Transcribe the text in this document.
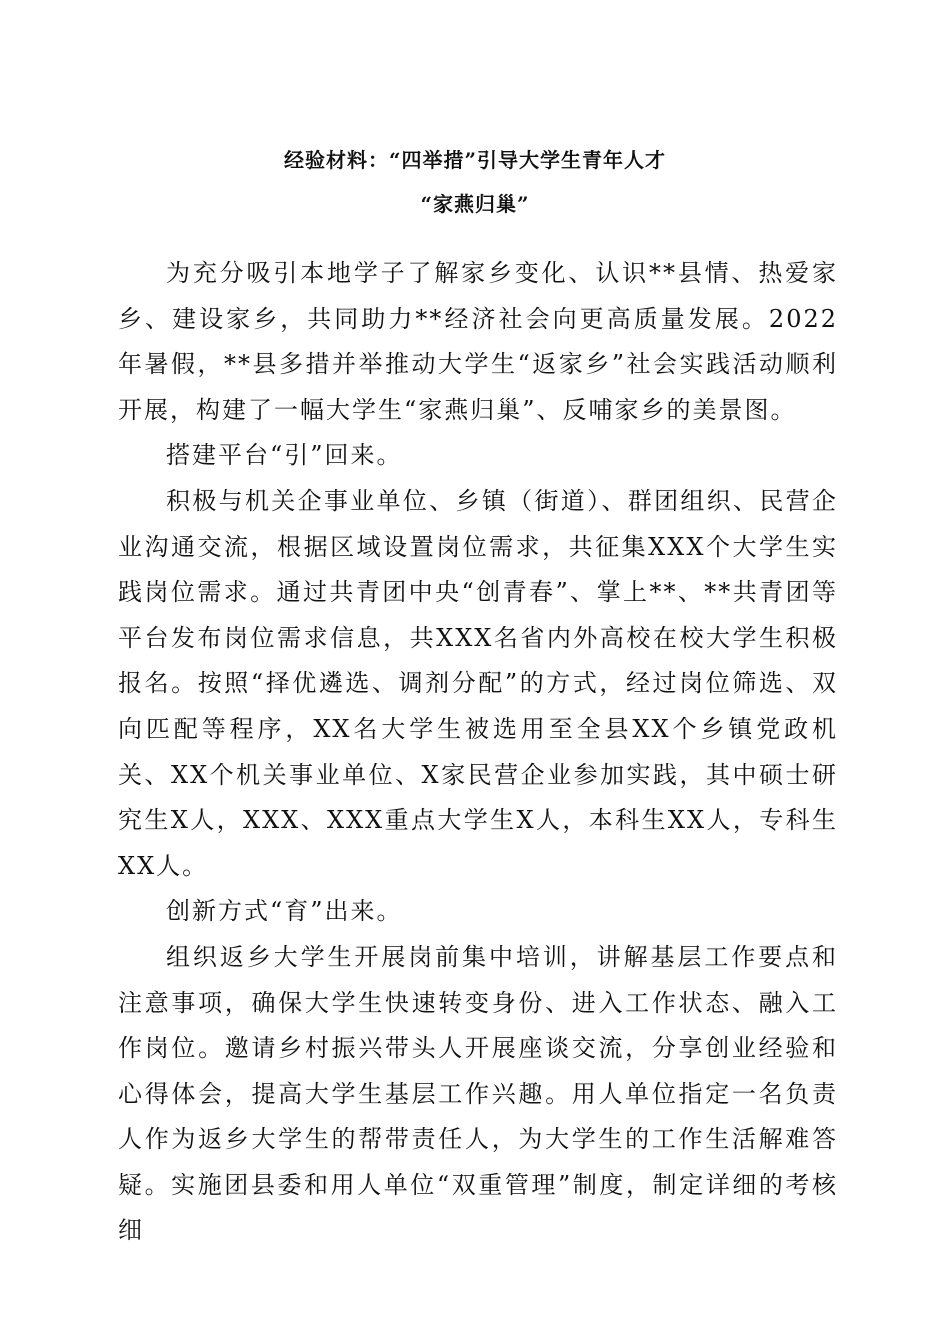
经验材料：“四举措”引导大学生青年人才
“家燕归巢”

为充分吸引本地学子了解家乡变化、认识**县情、热爱家乡、建设家乡，共同助力**经济社会向更高质量发展。2022年暑假，**县多措并举推动大学生“返家乡”社会实践活动顺利开展，构建了一幅大学生“家燕归巢”、反哺家乡的美景图。

搭建平台“引”回来。

积极与机关企事业单位、乡镇（街道）、群团组织、民营企业沟通交流，根据区域设置岗位需求，共征集XXX个大学生实践岗位需求。通过共青团中央“创青春”、掌上**、**共青团等平台发布岗位需求信息，共XXX名省内外高校在校大学生积极报名。按照“择优遴选、调剂分配”的方式，经过岗位筛选、双向匹配等程序，XX名大学生被选用至全县XX个乡镇党政机关、XX个机关事业单位、X家民营企业参加实践，其中硕士研究生X人，XXX、XXX重点大学生X人，本科生XX人，专科生XX人。

创新方式“育”出来。

组织返乡大学生开展岗前集中培训，讲解基层工作要点和注意事项，确保大学生快速转变身份、进入工作状态、融入工作岗位。邀请乡村振兴带头人开展座谈交流，分享创业经验和心得体会，提高大学生基层工作兴趣。用人单位指定一名负责人作为返乡大学生的帮带责任人，为大学生的工作生活解难答疑。实施团县委和用人单位“双重管理”制度，制定详细的考核细
